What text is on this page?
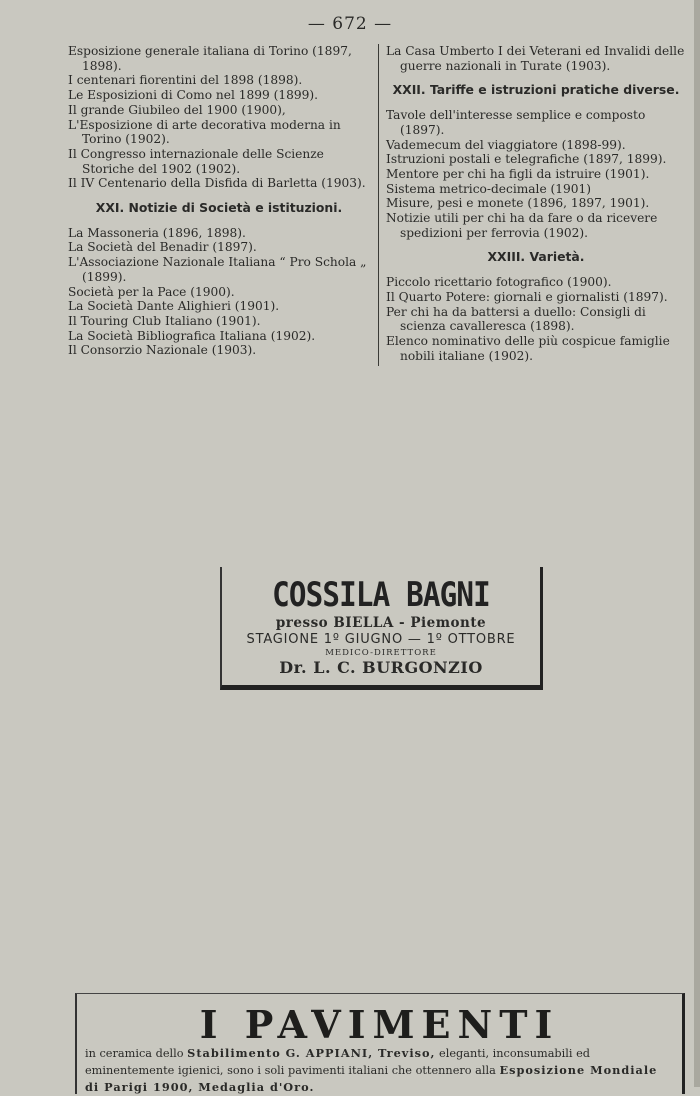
— 672 —
Esposizione generale italiana di Torino (1897, 1898).
I centenari fiorentini del 1898 (1898).
Le Esposizioni di Como nel 1899 (1899).
Il grande Giubileo del 1900 (1900),
L'Esposizione di arte decorativa moderna in Torino (1902).
Il Congresso internazionale delle Scienze Storiche del 1902 (1902).
Il IV Centenario della Disfida di Barletta (1903).
XXI. Notizie di Società e istituzioni.
La Massoneria (1896, 1898).
La Società del Benadir (1897).
L'Associazione Nazionale Italiana “ Pro Schola „ (1899).
Società per la Pace (1900).
La Società Dante Alighieri (1901).
Il Touring Club Italiano (1901).
La Società Bibliografica Italiana (1902).
Il Consorzio Nazionale (1903).
La Casa Umberto I dei Veterani ed Invalidi delle guerre nazionali in Turate (1903).
XXII. Tariffe e istruzioni pratiche diverse.
Tavole dell'interesse semplice e composto (1897).
Vademecum del viaggiatore (1898-99).
Istruzioni postali e telegrafiche (1897, 1899).
Mentore per chi ha figli da istruire (1901).
Sistema metrico-decimale (1901)
Misure, pesi e monete (1896, 1897, 1901).
Notizie utili per chi ha da fare o da ricevere spedizioni per ferrovia (1902).
XXIII. Varietà.
Piccolo ricettario fotografico (1900).
Il Quarto Potere: giornali e giornalisti (1897).
Per chi ha da battersi a duello: Consigli di scienza cavalleresca (1898).
Elenco nominativo delle più cospicue famiglie nobili italiane (1902).
COSSILA BAGNI
presso BIELLA - Piemonte
STAGIONE 1º GIUGNO — 1º OTTOBRE
MEDICO-DIRETTORE
Dr. L. C. BURGONZIO
I PAVIMENTI
in ceramica dello Stabilimento G. APPIANI, Treviso, eleganti, inconsumabili ed eminentemente igienici, sono i soli pavimenti italiani che ottennero alla Esposizione Mondiale di Parigi 1900, Medaglia d'Oro.
